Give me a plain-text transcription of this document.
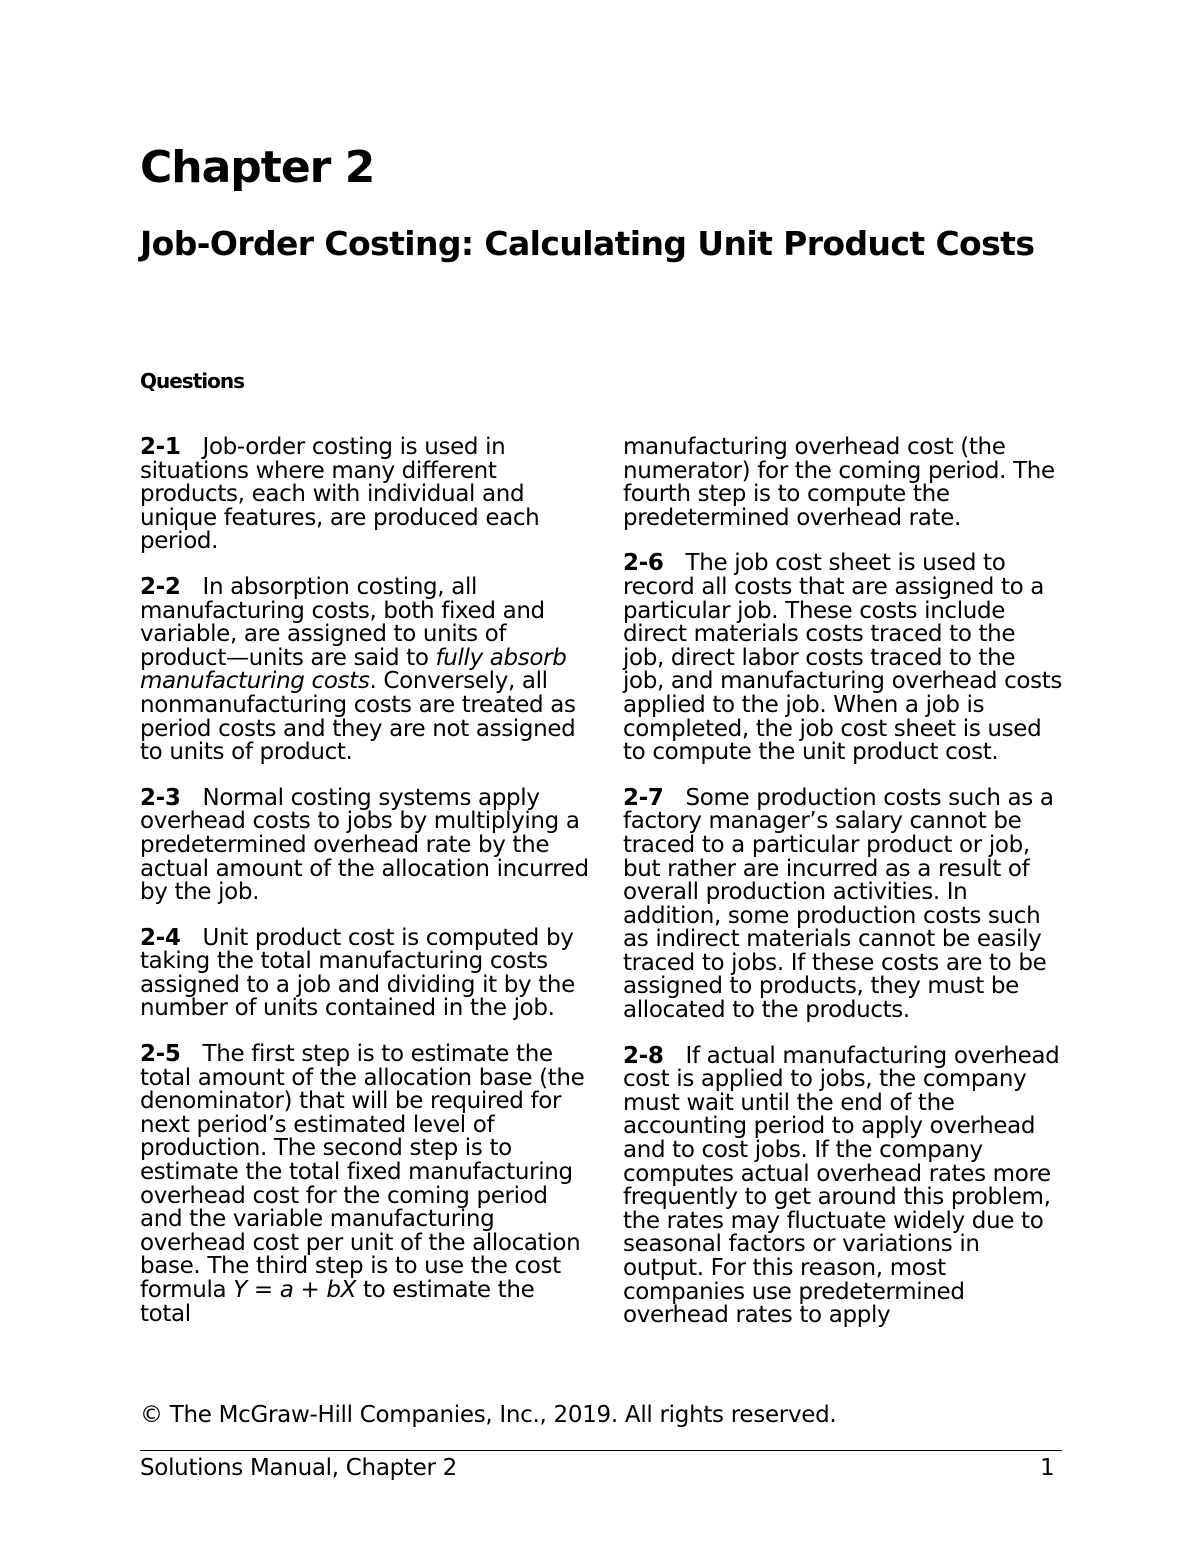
Chapter 2
Job-Order Costing: Calculating Unit Product Costs
Questions

2-1 Job-order costing is used in situations where many different products, each with individual and unique features, are produced each period.

2-2 In absorption costing, all manufacturing costs, both fixed and variable, are assigned to units of product—units are said to fully absorb manufacturing costs. Conversely, all nonmanufacturing costs are treated as period costs and they are not assigned to units of product.

2-3 Normal costing systems apply overhead costs to jobs by multiplying a predetermined overhead rate by the actual amount of the allocation incurred by the job.

2-4 Unit product cost is computed by taking the total manufacturing costs assigned to a job and dividing it by the number of units contained in the job.

2-5 The first step is to estimate the total amount of the allocation base (the denominator) that will be required for next period’s estimated level of production. The second step is to estimate the total fixed manufacturing overhead cost for the coming period and the variable manufacturing overhead cost per unit of the allocation base. The third step is to use the cost formula Y = a + bX to estimate the total

manufacturing overhead cost (the numerator) for the coming period. The fourth step is to compute the predetermined overhead rate.

2-6 The job cost sheet is used to record all costs that are assigned to a particular job. These costs include direct materials costs traced to the job, direct labor costs traced to the job, and manufacturing overhead costs applied to the job. When a job is completed, the job cost sheet is used to compute the unit product cost.

2-7 Some production costs such as a factory manager’s salary cannot be traced to a particular product or job, but rather are incurred as a result of overall production activities. In addition, some production costs such as indirect materials cannot be easily traced to jobs. If these costs are to be assigned to products, they must be allocated to the products.

2-8 If actual manufacturing overhead cost is applied to jobs, the company must wait until the end of the accounting period to apply overhead and to cost jobs. If the company computes actual overhead rates more frequently to get around this problem, the rates may fluctuate widely due to seasonal factors or variations in output. For this reason, most companies use predetermined overhead rates to apply

© The McGraw-Hill Companies, Inc., 2019. All rights reserved.
Solutions Manual, Chapter 2	1
